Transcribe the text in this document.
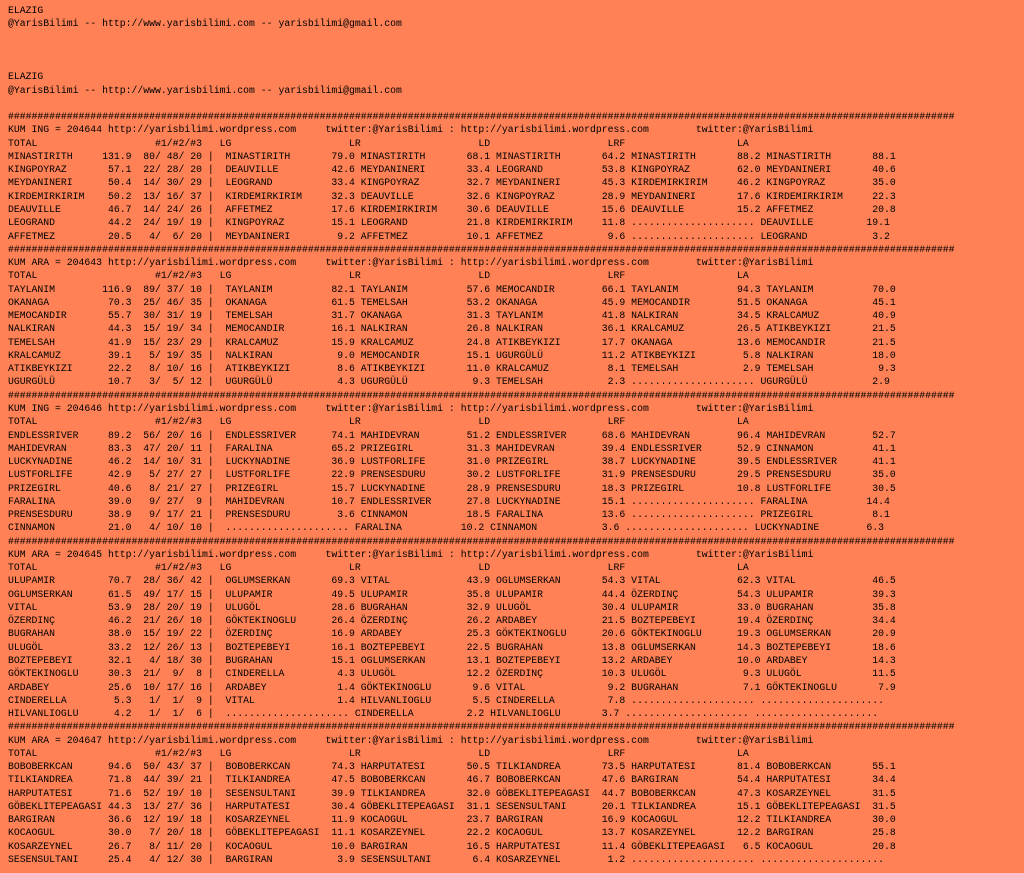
ELAZIG
@YarisBilimi -- http://www.yarisbilimi.com -- yarisbilimi@gmail.com

ELAZIG
@YarisBilimi -- http://www.yarisbilimi.com -- yarisbilimi@gmail.com

#################################################################################################################################################################
KUM ING = 204644 http://yarisbilimi.wordpress.com     twitter:@YarisBilimi : http://yarisbilimi.wordpress.com        twitter:@YarisBilimi
TOTAL                    #1/#2/#3   LG                    LR                    LD                    LRF                   LA
MINASTIRITH     131.9  80/ 48/ 20 |  MINASTIRITH       79.0 MINASTIRITH       68.1 MINASTIRITH       64.2 MINASTIRITH       88.2 MINASTIRITH       88.1
KINGPOYRAZ       57.1  22/ 28/ 20 |  DEAUVILLE         42.6 MEYDANINERI       33.4 LEOGRAND          53.8 KINGPOYRAZ        62.0 MEYDANINERI       40.6
MEYDANINERI      50.4  14/ 30/ 29 |  LEOGRAND          33.4 KINGPOYRAZ        32.7 MEYDANINERI       45.3 KIRDEMIRKIRIM     46.2 KINGPOYRAZ        35.0
KIRDEMIRKIRIM    50.2  13/ 16/ 37 |  KIRDEMIRKIRIM     32.3 DEAUVILLE         32.6 KINGPOYRAZ        28.9 MEYDANINERI       17.6 KIRDEMIRKIRIM     22.3
DEAUVILLE        46.7  14/ 24/ 26 |  AFFETMEZ          17.6 KIRDEMIRKIRIM     30.6 DEAUVILLE         15.6 DEAUVILLE         15.2 AFFETMEZ          20.8
LEOGRAND         44.2  24/ 19/ 19 |  KINGPOYRAZ        15.1 LEOGRAND          21.8 KIRDEMIRKIRIM     11.8 ..................... DEAUVILLE         19.1
AFFETMEZ         20.5   4/  6/ 20 |  MEYDANINERI        9.2 AFFETMEZ          10.1 AFFETMEZ           9.6 ..................... LEOGRAND           3.2
#################################################################################################################################################################
KUM ARA = 204643 http://yarisbilimi.wordpress.com     twitter:@YarisBilimi : http://yarisbilimi.wordpress.com        twitter:@YarisBilimi
TOTAL                    #1/#2/#3   LG                    LR                    LD                    LRF                   LA
TAYLANIM        116.9  89/ 37/ 10 |  TAYLANIM          82.1 TAYLANIM          57.6 MEMOCANDIR        66.1 TAYLANIM          94.3 TAYLANIM          70.0
OKANAGA          70.3  25/ 46/ 35 |  OKANAGA           61.5 TEMELSAH          53.2 OKANAGA           45.9 MEMOCANDIR        51.5 OKANAGA           45.1
MEMOCANDIR       55.7  30/ 31/ 19 |  TEMELSAH          31.7 OKANAGA           31.3 TAYLANIM          41.8 NALKIRAN          34.5 KRALCAMUZ         40.9
NALKIRAN         44.3  15/ 19/ 34 |  MEMOCANDIR        16.1 NALKIRAN          26.8 NALKIRAN          36.1 KRALCAMUZ         26.5 ATIKBEYKIZI       21.5
TEMELSAH         41.9  15/ 23/ 29 |  KRALCAMUZ         15.9 KRALCAMUZ         24.8 ATIKBEYKIZI       17.7 OKANAGA           13.6 MEMOCANDIR        21.5
KRALCAMUZ        39.1   5/ 19/ 35 |  NALKIRAN           9.0 MEMOCANDIR        15.1 UGURGÜLÜ          11.2 ATIKBEYKIZI        5.8 NALKIRAN          18.0
ATIKBEYKIZI      22.2   8/ 10/ 16 |  ATIKBEYKIZI        8.6 ATIKBEYKIZI       11.0 KRALCAMUZ          8.1 TEMELSAH           2.9 TEMELSAH           9.3
UGURGÜLÜ         10.7   3/  5/ 12 |  UGURGÜLÜ           4.3 UGURGÜLÜ           9.3 TEMELSAH           2.3 ..................... UGURGÜLÜ           2.9
#################################################################################################################################################################
KUM ING = 204646 http://yarisbilimi.wordpress.com     twitter:@YarisBilimi : http://yarisbilimi.wordpress.com        twitter:@YarisBilimi
TOTAL                    #1/#2/#3   LG                    LR                    LD                    LRF                   LA
ENDLESSRIVER     89.2  56/ 20/ 16 |  ENDLESSRIVER      74.1 MAHIDEVRAN        51.2 ENDLESSRIVER      68.6 MAHIDEVRAN        96.4 MAHIDEVRAN        52.7
MAHIDEVRAN       83.3  47/ 20/ 11 |  FARALINA          65.2 PRIZEGIRL         31.3 MAHIDEVRAN        39.4 ENDLESSRIVER      52.9 CINNAMON          41.1
LUCKYNADINE      46.2  14/ 10/ 31 |  LUCKYNADINE       36.9 LUSTFORLIFE       31.0 PRIZEGIRL         38.7 LUCKYNADINE       39.5 ENDLESSRIVER      41.1
LUSTFORLIFE      42.9   5/ 27/ 27 |  LUSTFORLIFE       22.9 PRENSESDURU       30.2 LUSTFORLIFE       31.9 PRENSESDURU       29.5 PRENSESDURU       35.0
PRIZEGIRL        40.6   8/ 21/ 27 |  PRIZEGIRL         15.7 LUCKYNADINE       28.9 PRENSESDURU       18.3 PRIZEGIRL         10.8 LUSTFORLIFE       30.5
FARALINA         39.0   9/ 27/  9 |  MAHIDEVRAN        10.7 ENDLESSRIVER      27.8 LUCKYNADINE       15.1 ..................... FARALINA          14.4
PRENSESDURU      38.9   9/ 17/ 21 |  PRENSESDURU        3.6 CINNAMON          18.5 FARALINA          13.6 ..................... PRIZEGIRL          8.1
CINNAMON         21.0   4/ 10/ 10 |  ..................... FARALINA          10.2 CINNAMON           3.6 ..................... LUCKYNADINE        6.3
#################################################################################################################################################################
KUM ARA = 204645 http://yarisbilimi.wordpress.com     twitter:@YarisBilimi : http://yarisbilimi.wordpress.com        twitter:@YarisBilimi
TOTAL                    #1/#2/#3   LG                    LR                    LD                    LRF                   LA
ULUPAMIR         70.7  28/ 36/ 42 |  OGLUMSERKAN       69.3 VITAL             43.9 OGLUMSERKAN       54.3 VITAL             62.3 VITAL             46.5
OGLUMSERKAN      61.5  49/ 17/ 15 |  ULUPAMIR          49.5 ULUPAMIR          35.8 ULUPAMIR          44.4 ÖZERDINÇ          54.3 ULUPAMIR          39.3
VITAL            53.9  28/ 20/ 19 |  ULUGÖL            28.6 BUGRAHAN          32.9 ULUGÖL            30.4 ULUPAMIR          33.0 BUGRAHAN          35.8
ÖZERDINÇ         46.2  21/ 26/ 10 |  GÖKTEKINOGLU      26.4 ÖZERDINÇ          26.2 ARDABEY           21.5 BOZTEPEBEYI       19.4 ÖZERDINÇ          34.4
BUGRAHAN         38.0  15/ 19/ 22 |  ÖZERDINÇ          16.9 ARDABEY           25.3 GÖKTEKINOGLU      20.6 GÖKTEKINOGLU      19.3 OGLUMSERKAN       20.9
ULUGÖL           33.2  12/ 26/ 13 |  BOZTEPEBEYI       16.1 BOZTEPEBEYI       22.5 BUGRAHAN          13.8 OGLUMSERKAN       14.3 BOZTEPEBEYI       18.6
BOZTEPEBEYI      32.1   4/ 18/ 30 |  BUGRAHAN          15.1 OGLUMSERKAN       13.1 BOZTEPEBEYI       13.2 ARDABEY           10.0 ARDABEY           14.3
GÖKTEKINOGLU     30.3  21/  9/  8 |  CINDERELLA         4.3 ULUGÖL            12.2 ÖZERDINÇ          10.3 ULUGÖL             9.3 ULUGÖL            11.5
ARDABEY          25.6  10/ 17/ 16 |  ARDABEY            1.4 GÖKTEKINOGLU       9.6 VITAL              9.2 BUGRAHAN           7.1 GÖKTEKINOGLU       7.9
CINDERELLA        5.3   1/  1/  9 |  VITAL              1.4 HILVANLIOGLU       5.5 CINDERELLA         7.8 ..................... .....................
HILVANLIOGLU      4.2   1/  1/  6 |  ..................... CINDERELLA         2.2 HILVANLIOGLU       3.7 ..................... .....................
#################################################################################################################################################################
KUM ARA = 204647 http://yarisbilimi.wordpress.com     twitter:@YarisBilimi : http://yarisbilimi.wordpress.com        twitter:@YarisBilimi
TOTAL                    #1/#2/#3   LG                    LR                    LD                    LRF                   LA
BOBOBERKCAN      94.6  50/ 43/ 37 |  BOBOBERKCAN       74.3 HARPUTATESI       50.5 TILKIANDREA       73.5 HARPUTATESI       81.4 BOBOBERKCAN       55.1
TILKIANDREA      71.8  44/ 39/ 21 |  TILKIANDREA       47.5 BOBOBERKCAN       46.7 BOBOBERKCAN       47.6 BARGIRAN          54.4 HARPUTATESI       34.4
HARPUTATESI      71.6  52/ 19/ 10 |  SESENSULTANI      39.9 TILKIANDREA       32.0 GÖBEKLITEPEAGASI  44.7 BOBOBERKCAN       47.3 KOSARZEYNEL       31.5
GÖBEKLITEPEAGASI 44.3  13/ 27/ 36 |  HARPUTATESI       30.4 GÖBEKLITEPEAGASI  31.1 SESENSULTANI      20.1 TILKIANDREA       15.1 GÖBEKLITEPEAGASI  31.5
BARGIRAN         36.6  12/ 19/ 18 |  KOSARZEYNEL       11.9 KOCAOGUL          23.7 BARGIRAN          16.9 KOCAOGUL          12.2 TILKIANDREA       30.0
KOCAOGUL         30.0   7/ 20/ 18 |  GÖBEKLITEPEAGASI  11.1 KOSARZEYNEL       22.2 KOCAOGUL          13.7 KOSARZEYNEL       12.2 BARGIRAN          25.8
KOSARZEYNEL      26.7   8/ 11/ 20 |  KOCAOGUL          10.0 BARGIRAN          16.5 HARPUTATESI       11.4 GÖBEKLITEPEAGASI   6.5 KOCAOGUL          20.8
SESENSULTANI     25.4   4/ 12/ 30 |  BARGIRAN           3.9 SESENSULTANI       6.4 KOSARZEYNEL        1.2 ..................... .....................
